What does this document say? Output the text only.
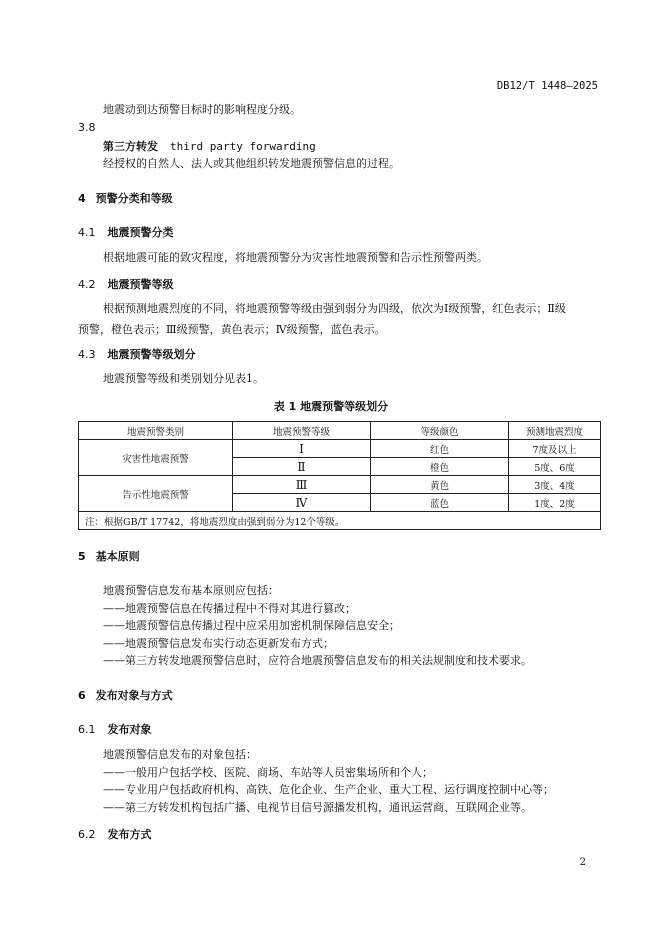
DB12/T 1448—2025
地震动到达预警目标时的影响程度分级。
3.8
第三方转发 third party forwarding
经授权的自然人、法人或其他组织转发地震预警信息的过程。
4 预警分类和等级
4.1 地震预警分类
根据地震可能的致灾程度，将地震预警分为灾害性地震预警和告示性预警两类。
4.2 地震预警等级
根据预测地震烈度的不同，将地震预警等级由强到弱分为四级，依次为Ⅰ级预警，红色表示；Ⅱ级
预警，橙色表示；Ⅲ级预警，黄色表示；Ⅳ级预警，蓝色表示。
4.3 地震预警等级划分
地震预警等级和类别划分见表1。
表 1 地震预警等级划分
地震预警类别	地震预警等级	等级颜色	预测地震烈度
灾害性地震预警	Ⅰ	红色	7度及以上
	Ⅱ	橙色	5度、6度
告示性地震预警	Ⅲ	黄色	3度、4度
	Ⅳ	蓝色	1度、2度
注：根据GB/T 17742，将地震烈度由强到弱分为12个等级。			
5 基本原则
地震预警信息发布基本原则应包括：
——地震预警信息在传播过程中不得对其进行篡改；
——地震预警信息传播过程中应采用加密机制保障信息安全；
——地震预警信息发布实行动态更新发布方式；
——第三方转发地震预警信息时，应符合地震预警信息发布的相关法规制度和技术要求。
6 发布对象与方式
6.1 发布对象
地震预警信息发布的对象包括：
——一般用户包括学校、医院、商场、车站等人员密集场所和个人；
——专业用户包括政府机构、高铁、危化企业、生产企业、重大工程、运行调度控制中心等；
——第三方转发机构包括广播、电视节目信号源播发机构，通讯运营商、互联网企业等。
6.2 发布方式
2
